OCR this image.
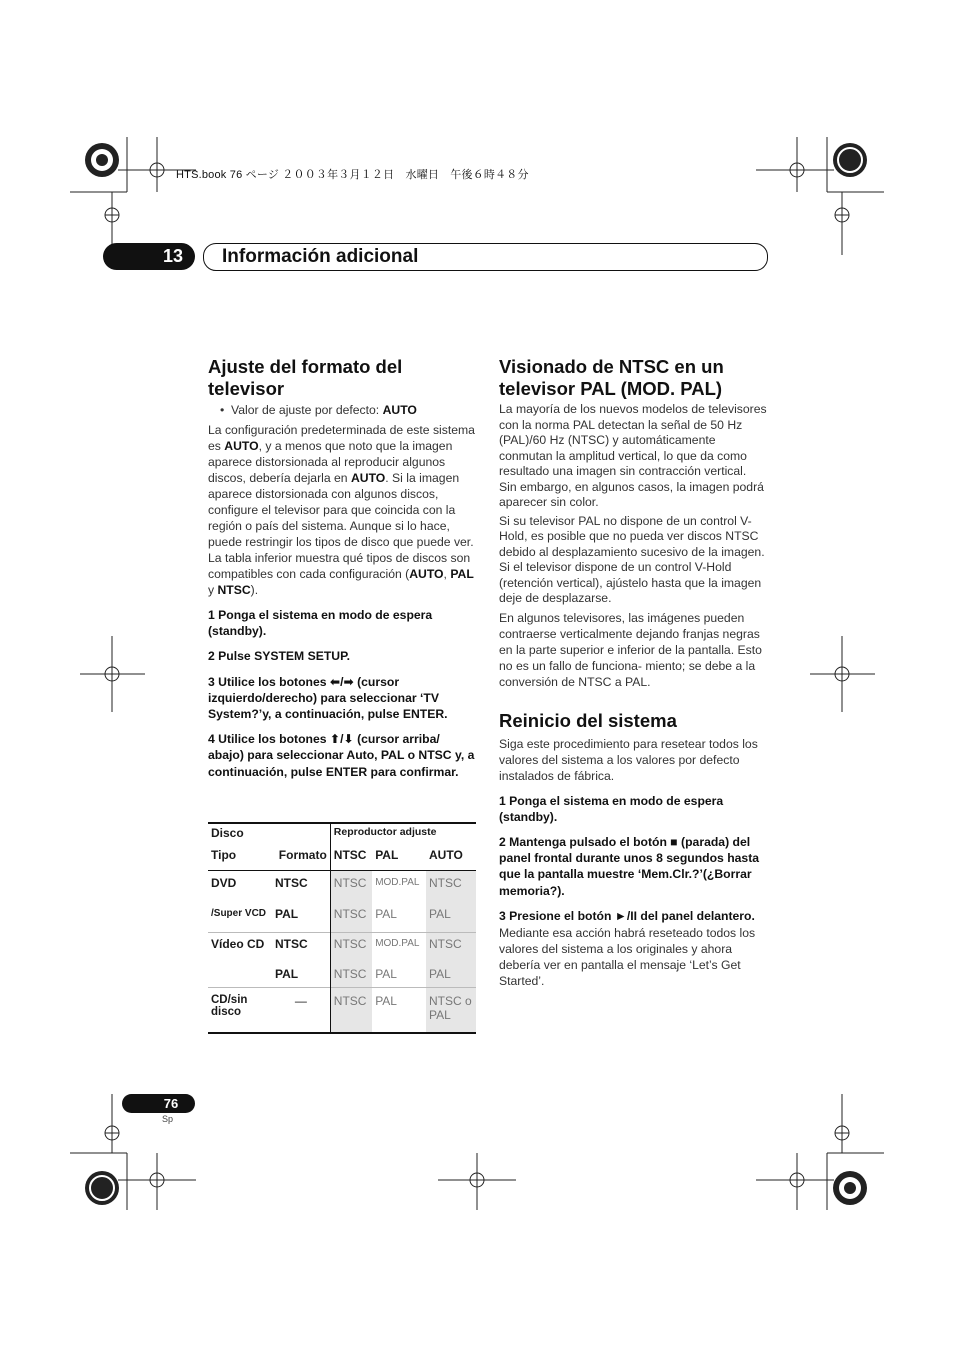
HTS.book 76 ページ ２００３年３月１２日　水曜日　午後６時４８分
13	Información adicional
Ajuste del formato del televisor

•  Valor de ajuste por defecto: AUTO

La configuración predeterminada de este sistema es AUTO, y a menos que noto que la imagen aparece distorsionada al reproducir algunos discos, debería dejarla en AUTO. Si la imagen aparece distorsionada con algunos discos, configure el televisor para que coincida con la región o país del sistema. Aunque si lo hace, puede restringir los tipos de disco que puede ver. La tabla inferior muestra qué tipos de discos son compatibles con cada configuración (AUTO, PAL y NTSC).

1 Ponga el sistema en modo de espera (standby).

2 Pulse SYSTEM SETUP.

3 Utilice los botones ⬅/➡ (cursor izquierdo/derecho) para seleccionar ‘TV System?’y, a continuación, pulse ENTER.

4 Utilice los botones ⬆/⬇ (cursor arriba/ abajo) para seleccionar Auto, PAL o NTSC y, a continuación, pulse ENTER para confirmar.

Disco		Reproductor adjuste		
Tipo	Formato	NTSC	PAL	AUTO
DVD	NTSC	NTSC	MOD.PAL	NTSC
/Super VCD	PAL	NTSC	PAL	PAL
Vídeo CD	NTSC	NTSC	MOD.PAL	NTSC
	PAL	NTSC	PAL	PAL
CD/sin disco	—	NTSC	PAL	NTSC o PAL
Visionado de NTSC en un televisor PAL (MOD. PAL)

La mayoría de los nuevos modelos de televisores con la norma PAL detectan la señal de 50 Hz (PAL)/60 Hz (NTSC) y automáticamente conmutan la amplitud vertical, lo que da como resultado una imagen sin contracción vertical. Sin embargo, en algunos casos, la imagen podrá aparecer sin color.

Si su televisor PAL no dispone de un control V-Hold, es posible que no pueda ver discos NTSC debido al desplazamiento sucesivo de la imagen. Si el televisor dispone de un control V-Hold (retención vertical), ajústelo hasta que la imagen deje de desplazarse.

En algunos televisores, las imágenes pueden contraerse verticalmente dejando franjas negras en la parte superior e inferior de la pantalla. Esto no es un fallo de funciona- miento; se debe a la conversión de NTSC a PAL.

Reinicio del sistema

Siga este procedimiento para resetear todos los valores del sistema a los valores por defecto instalados de fábrica.

1 Ponga el sistema en modo de espera (standby).

2 Mantenga pulsado el botón ■ (parada) del panel frontal durante unos 8 segundos hasta que la pantalla muestre ‘Mem.Clr.?’(¿Borrar memoria?).

3 Presione el botón ►/II del panel delantero.

Mediante esa acción habrá reseteado todos los valores del sistema a los originales y ahora debería ver en pantalla el mensaje ‘Let’s Get Started’.

76
Sp
